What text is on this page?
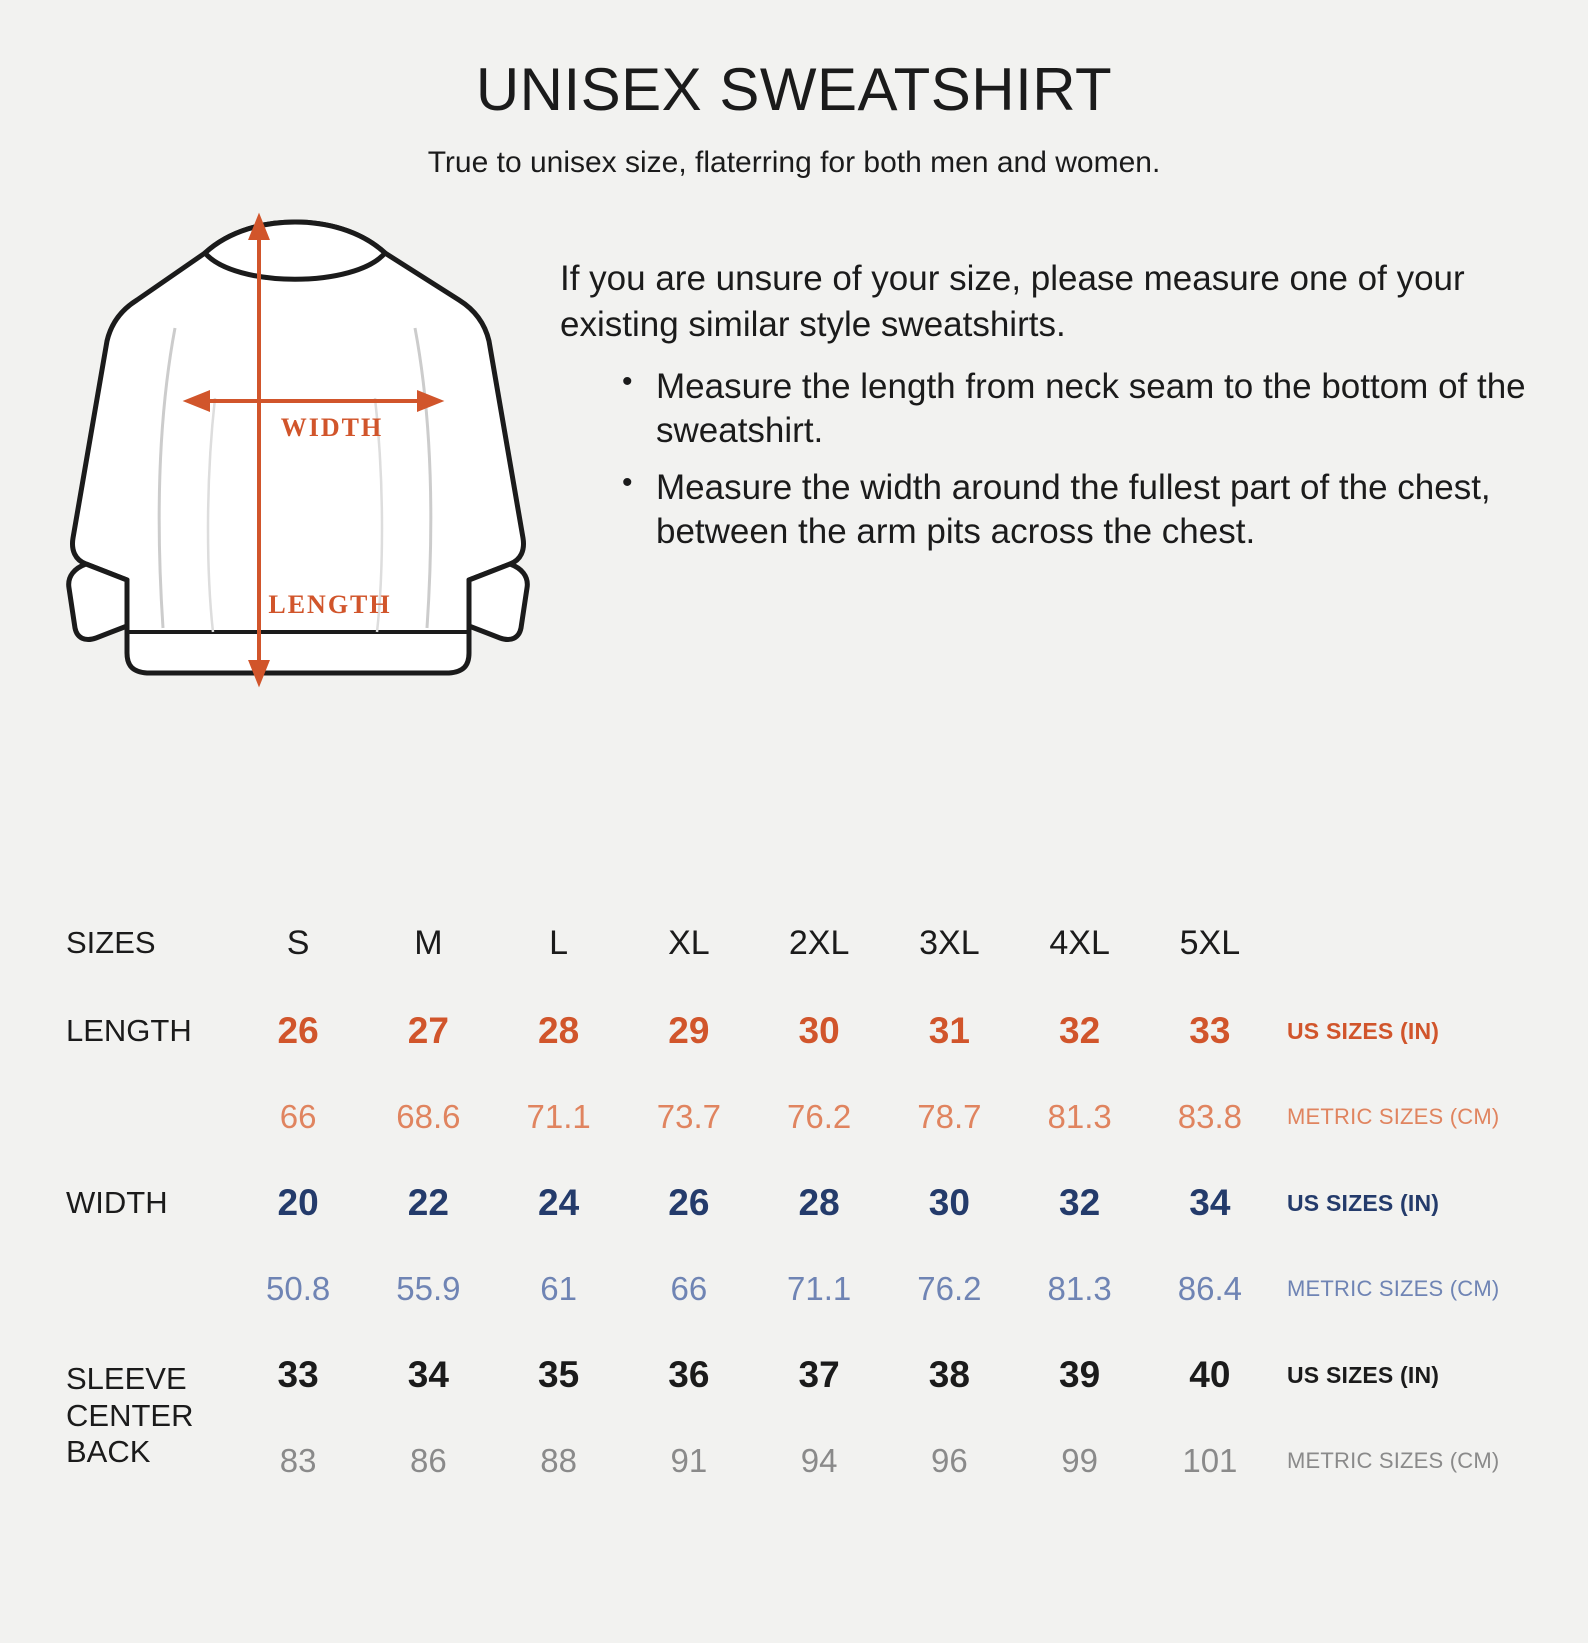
UNISEX SWEATSHIRT

True to unisex size, flaterring for both men and women.

WIDTH
LENGTH

If you are unsure of your size, please measure one of your existing similar style sweatshirts.

• Measure the length from neck seam to the bottom of the sweatshirt.
• Measure the width around the fullest part of the chest, between the arm pits across the chest.
SIZES	S	M	L	XL	2XL	3XL	4XL	5XL	
LENGTH	26	27	28	29	30	31	32	33	US SIZES (IN)
	66	68.6	71.1	73.7	76.2	78.7	81.3	83.8	METRIC SIZES (CM)
WIDTH	20	22	24	26	28	30	32	34	US SIZES (IN)
	50.8	55.9	61	66	71.1	76.2	81.3	86.4	METRIC SIZES (CM)

SLEEVE
CENTER
BACK	33	34	35	36	37	38	39	40	US SIZES (IN)
	83	86	88	91	94	96	99	101	METRIC SIZES (CM)
